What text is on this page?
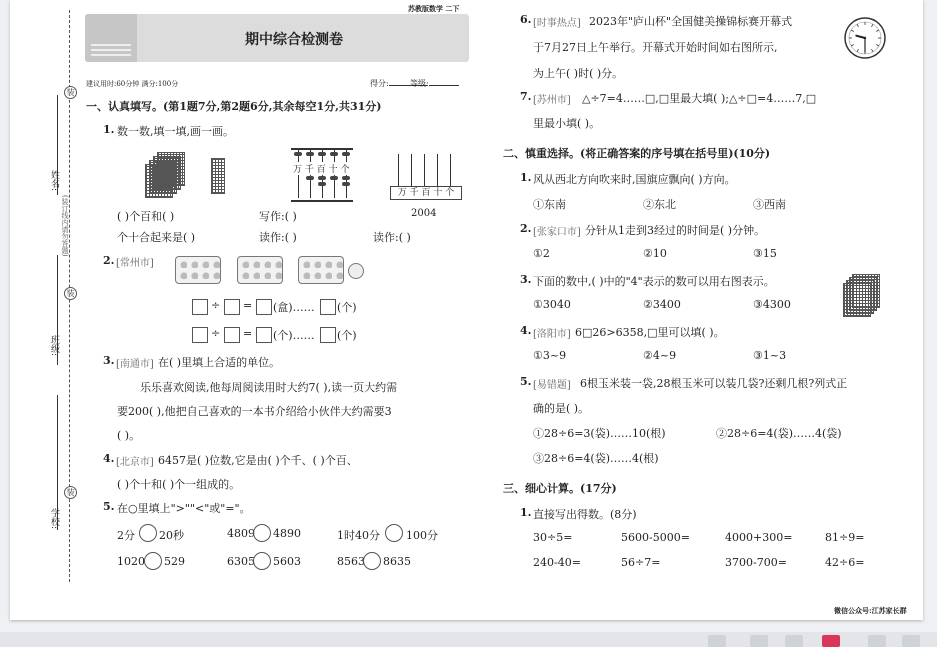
苏教版数学 二下
姓名:
班级:
学校:
(装订线内请勿答题)
装
装
装
期中综合检测卷
建议用时:60分钟 满分:100分	得分:	等级:
一、认真填写。(第1题7分,第2题6分,其余每空1分,共31分)
1. 数一数,填一填,画一画。
万 千 百 十 个
万 千 百 十 个
2004
( )个百和( )	写作:( )
个十合起来是( )	读作:( )	读作:( )
2. [常州市]
÷ = (盒)…… (个)
÷ = (个)…… (个)
3. [南通市] 在( )里填上合适的单位。
乐乐喜欢阅读,他每周阅读用时大约7( ),读一页大约需
要200( ),他把自己喜欢的一本书介绍给小伙伴大约需要3
( )。
4. [北京市] 6457是( )位数,它是由( )个千、( )个百、
( )个十和( )个一组成的。
5. 在○里填上">""<"或"="。
2分 20秒	4809 4890	1时40分 100分
1020 529	6305 5603	8563 8635
6. [时事热点] 2023年"庐山杯"全国健美操锦标赛开幕式
于7月27日上午举行。开幕式开始时间如右图所示,
为上午( )时( )分。
7. [苏州市] △÷7=4……□,□里最大填( );△÷□=4……7,□
里最小填( )。
二、慎重选择。(将正确答案的序号填在括号里)(10分)
1. 风从西北方向吹来时,国旗应飘向( )方向。
①东南	②东北	③西南
2. [张家口市] 分针从1走到3经过的时间是( )分钟。
①2	②10	③15
3. 下面的数中,( )中的"4"表示的数可以用右图表示。
①3040	②3400	③4300
4. [洛阳市] 6□26>6358,□里可以填( )。
①3~9	②4~9	③1~3
5. [易错题] 6根玉米装一袋,28根玉米可以装几袋?还剩几根?列式正
确的是( )。
①28÷6=3(袋)……10(根)	②28÷6=4(袋)……4(袋)
③28÷6=4(袋)……4(根)
三、细心计算。(17分)
1. 直接写出得数。(8分)
30÷5=	5600-5000=	4000+300=	81÷9=
240-40=	56÷7=	3700-700=	42÷6=
微信公众号:江苏家长群
